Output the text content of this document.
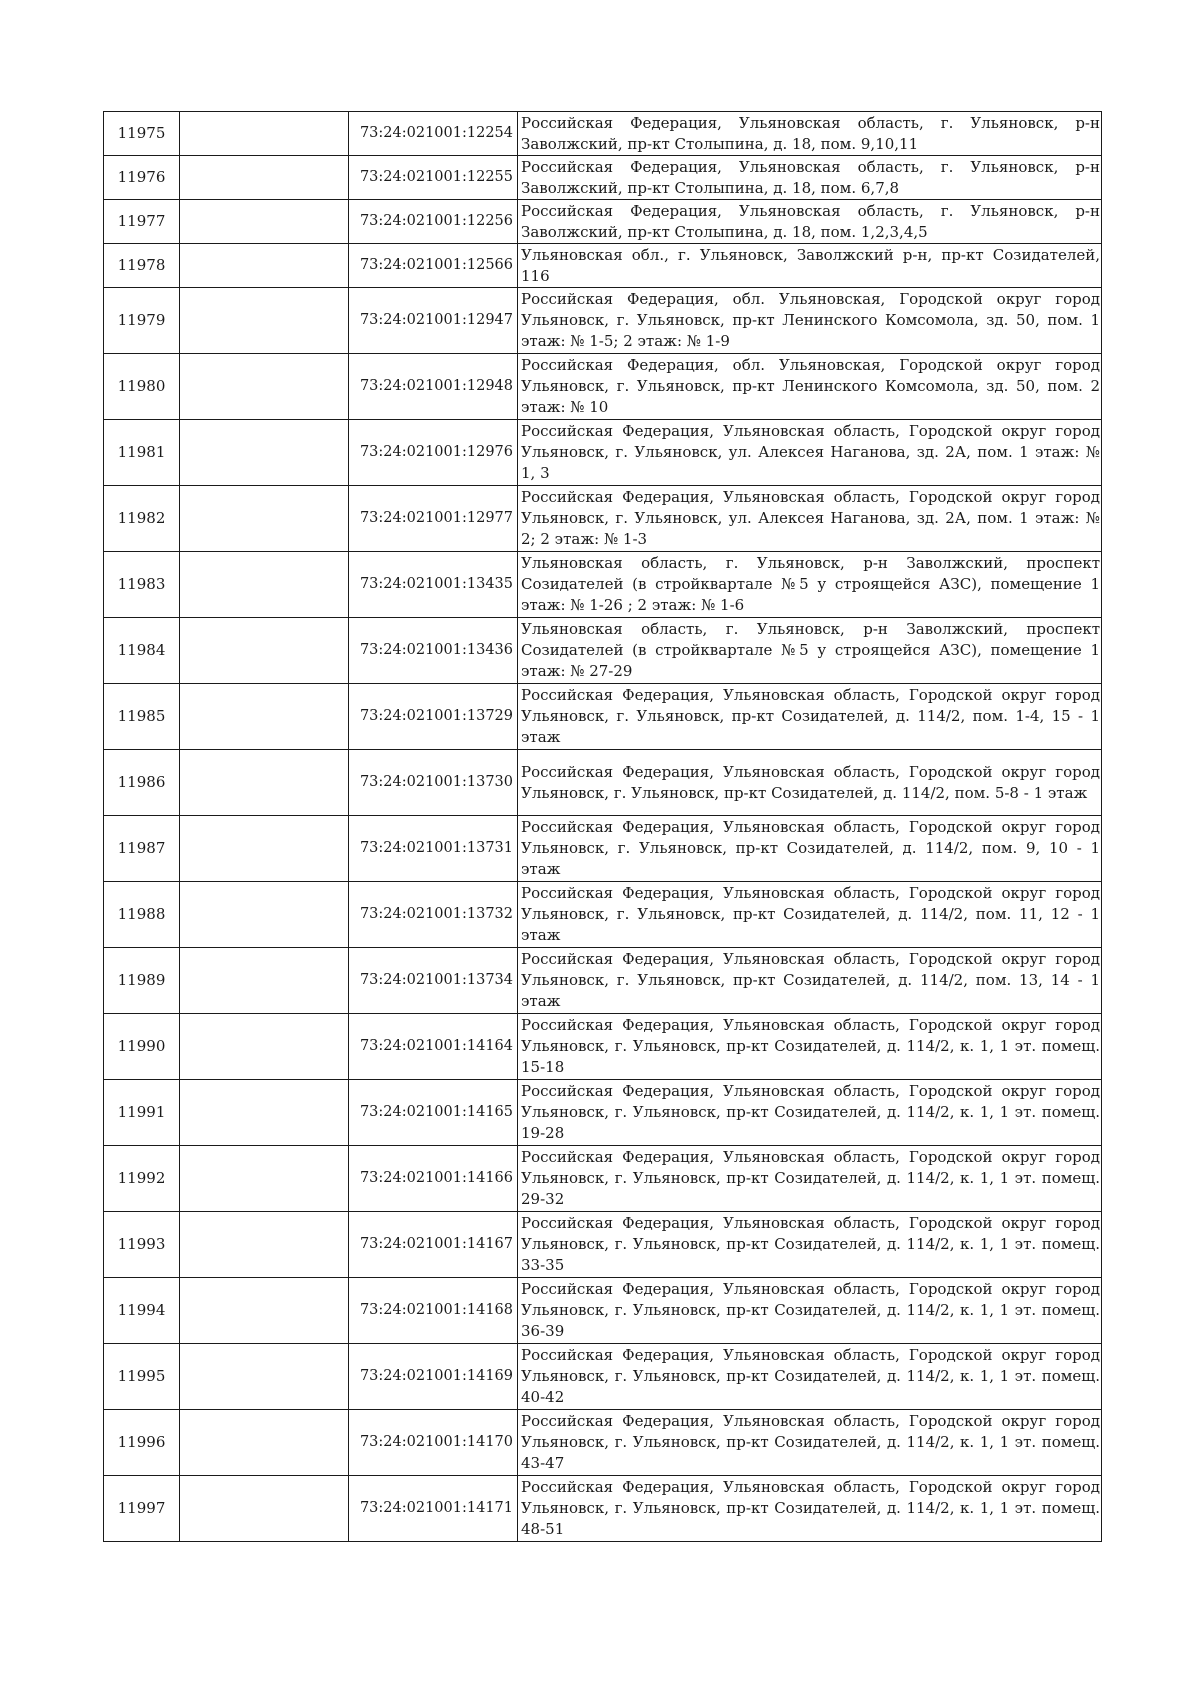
11975		73:24:021001:12254	Российская Федерация, Ульяновская область, г. Ульяновск, р-н Заволжский, пр-кт Столыпина, д. 18, пом. 9,10,11
11976		73:24:021001:12255	Российская Федерация, Ульяновская область, г. Ульяновск, р-н Заволжский, пр-кт Столыпина, д. 18, пом. 6,7,8
11977		73:24:021001:12256	Российская Федерация, Ульяновская область, г. Ульяновск, р-н Заволжский, пр-кт Столыпина, д. 18, пом. 1,2,3,4,5
11978		73:24:021001:12566	Ульяновская обл., г. Ульяновск, Заволжский р-н, пр-кт Созидателей, 116
11979		73:24:021001:12947	Российская Федерация, обл. Ульяновская, Городской округ город Ульяновск, г. Ульяновск, пр-кт Ленинского Комсомола, зд. 50, пом. 1 этаж: № 1-5; 2 этаж: № 1-9
11980		73:24:021001:12948	Российская Федерация, обл. Ульяновская, Городской округ город Ульяновск, г. Ульяновск, пр-кт Ленинского Комсомола, зд. 50, пом. 2 этаж: № 10
11981		73:24:021001:12976	Российская Федерация, Ульяновская область, Городской округ город Ульяновск, г. Ульяновск, ул. Алексея Наганова, зд. 2А, пом. 1 этаж: № 1, 3
11982		73:24:021001:12977	Российская Федерация, Ульяновская область, Городской округ город Ульяновск, г. Ульяновск, ул. Алексея Наганова, зд. 2А, пом. 1 этаж: № 2; 2 этаж: № 1-3
11983		73:24:021001:13435	Ульяновская область, г. Ульяновск, р-н Заволжский, проспект Созидателей (в стройквартале №5 у строящейся АЗС), помещение 1 этаж: № 1-26 ; 2 этаж: № 1-6
11984		73:24:021001:13436	Ульяновская область, г. Ульяновск, р-н Заволжский, проспект Созидателей (в стройквартале №5 у строящейся АЗС), помещение 1 этаж: № 27-29
11985		73:24:021001:13729	Российская Федерация, Ульяновская область, Городской округ город Ульяновск, г. Ульяновск, пр-кт Созидателей, д. 114/2, пом. 1-4, 15 - 1 этаж
11986		73:24:021001:13730	Российская Федерация, Ульяновская область, Городской округ город Ульяновск, г. Ульяновск, пр-кт Созидателей, д. 114/2, пом. 5-8 - 1 этаж
11987		73:24:021001:13731	Российская Федерация, Ульяновская область, Городской округ город Ульяновск, г. Ульяновск, пр-кт Созидателей, д. 114/2, пом. 9, 10 - 1 этаж
11988		73:24:021001:13732	Российская Федерация, Ульяновская область, Городской округ город Ульяновск, г. Ульяновск, пр-кт Созидателей, д. 114/2, пом. 11, 12 - 1 этаж
11989		73:24:021001:13734	Российская Федерация, Ульяновская область, Городской округ город Ульяновск, г. Ульяновск, пр-кт Созидателей, д. 114/2, пом. 13, 14 - 1 этаж
11990		73:24:021001:14164	Российская Федерация, Ульяновская область, Городской округ город Ульяновск, г. Ульяновск, пр-кт Созидателей, д. 114/2, к. 1, 1 эт. помещ. 15-18
11991		73:24:021001:14165	Российская Федерация, Ульяновская область, Городской округ город Ульяновск, г. Ульяновск, пр-кт Созидателей, д. 114/2, к. 1, 1 эт. помещ. 19-28
11992		73:24:021001:14166	Российская Федерация, Ульяновская область, Городской округ город Ульяновск, г. Ульяновск, пр-кт Созидателей, д. 114/2, к. 1, 1 эт. помещ. 29-32
11993		73:24:021001:14167	Российская Федерация, Ульяновская область, Городской округ город Ульяновск, г. Ульяновск, пр-кт Созидателей, д. 114/2, к. 1, 1 эт. помещ. 33-35
11994		73:24:021001:14168	Российская Федерация, Ульяновская область, Городской округ город Ульяновск, г. Ульяновск, пр-кт Созидателей, д. 114/2, к. 1, 1 эт. помещ. 36-39
11995		73:24:021001:14169	Российская Федерация, Ульяновская область, Городской округ город Ульяновск, г. Ульяновск, пр-кт Созидателей, д. 114/2, к. 1, 1 эт. помещ. 40-42
11996		73:24:021001:14170	Российская Федерация, Ульяновская область, Городской округ город Ульяновск, г. Ульяновск, пр-кт Созидателей, д. 114/2, к. 1, 1 эт. помещ. 43-47
11997		73:24:021001:14171	Российская Федерация, Ульяновская область, Городской округ город Ульяновск, г. Ульяновск, пр-кт Созидателей, д. 114/2, к. 1, 1 эт. помещ. 48-51
